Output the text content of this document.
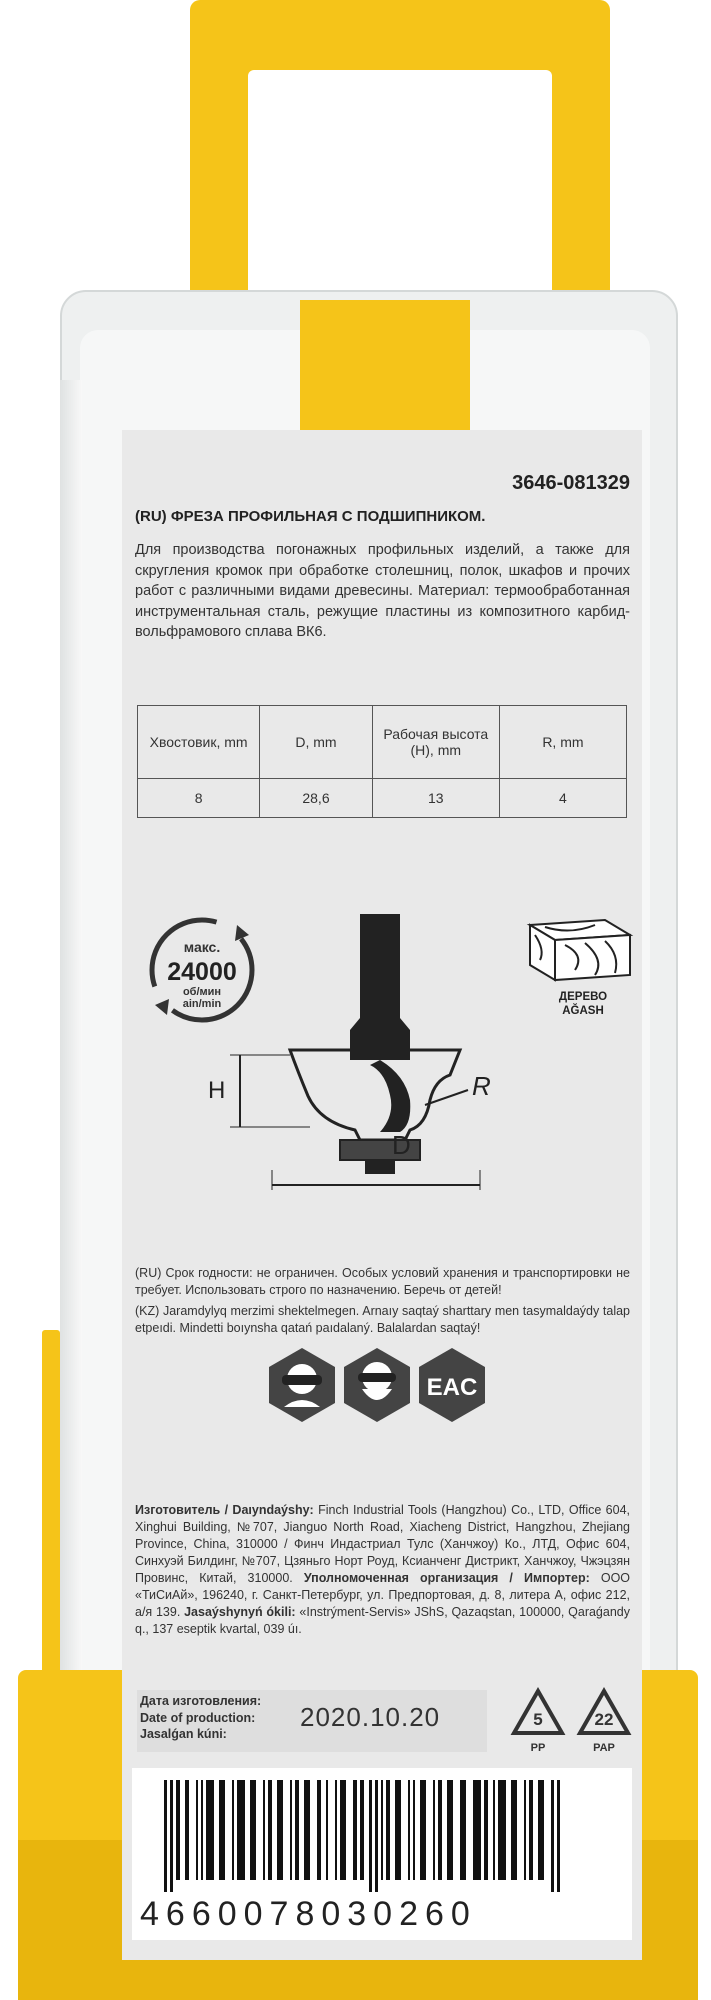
3646-081329
(RU) ФРЕЗА ПРОФИЛЬНАЯ С ПОДШИПНИКОМ.
Для производства погонажных профильных изделий, а также для скругления кромок при обработке столешниц, полок, шкафов и прочих работ с различными видами древесины. Материал: термообработанная инструментальная сталь, режущие пластины из композитного карбид-вольфрамового сплава ВК6.
Хвостовик, mm	D, mm	Рабочая высота (H), mm	R, mm
8	28,6	13	4
макс.
24000
об/мин
ain/min
H	R
D
ДЕРЕВО
AĞASH
(RU) Срок годности: не ограничен. Особых условий хранения и транспортировки не требует. Использовать строго по назначению. Беречь от детей!
(KZ) Jaramdylyq merzimi shektelmegen. Arnaıy saqtaý sharttary men tasymaldaýdy talap etpeıdi. Mindetti boıynsha qatań paıdalaný. Balalardan saqtaý!
EAC
Изготовитель / Daıyndaýshy: Finch Industrial Tools (Hangzhou) Co., LTD, Office 604, Xinghui Building, №707, Jianguo North Road, Xiacheng District, Hangzhou, Zhejiang Province, China, 310000 / Финч Индастриал Тулс (Ханчжоу) Ко., ЛТД, Офис 604, Синхуэй Билдинг, №707, Цзяньго Норт Роуд, Ксианченг Дистрикт, Ханчжоу, Чжэцзян Провинс, Китай, 310000. Уполномоченная организация / Импортер: ООО «ТиСиАй», 196240, г. Санкт-Петербург, ул. Предпортовая, д. 8, литера А, офис 212, а/я 139. Jasaýshynyń ókili: «Instrýment-Servis» JShS, Qazaqstan, 100000, Qaraǵandy q., 137 eseptik kvartal, 039 úı.
Дата изготовления:
Date of production:
Jasalǵan kúni:
2020.10.20	5
PP
22
PAP
4660078030260
